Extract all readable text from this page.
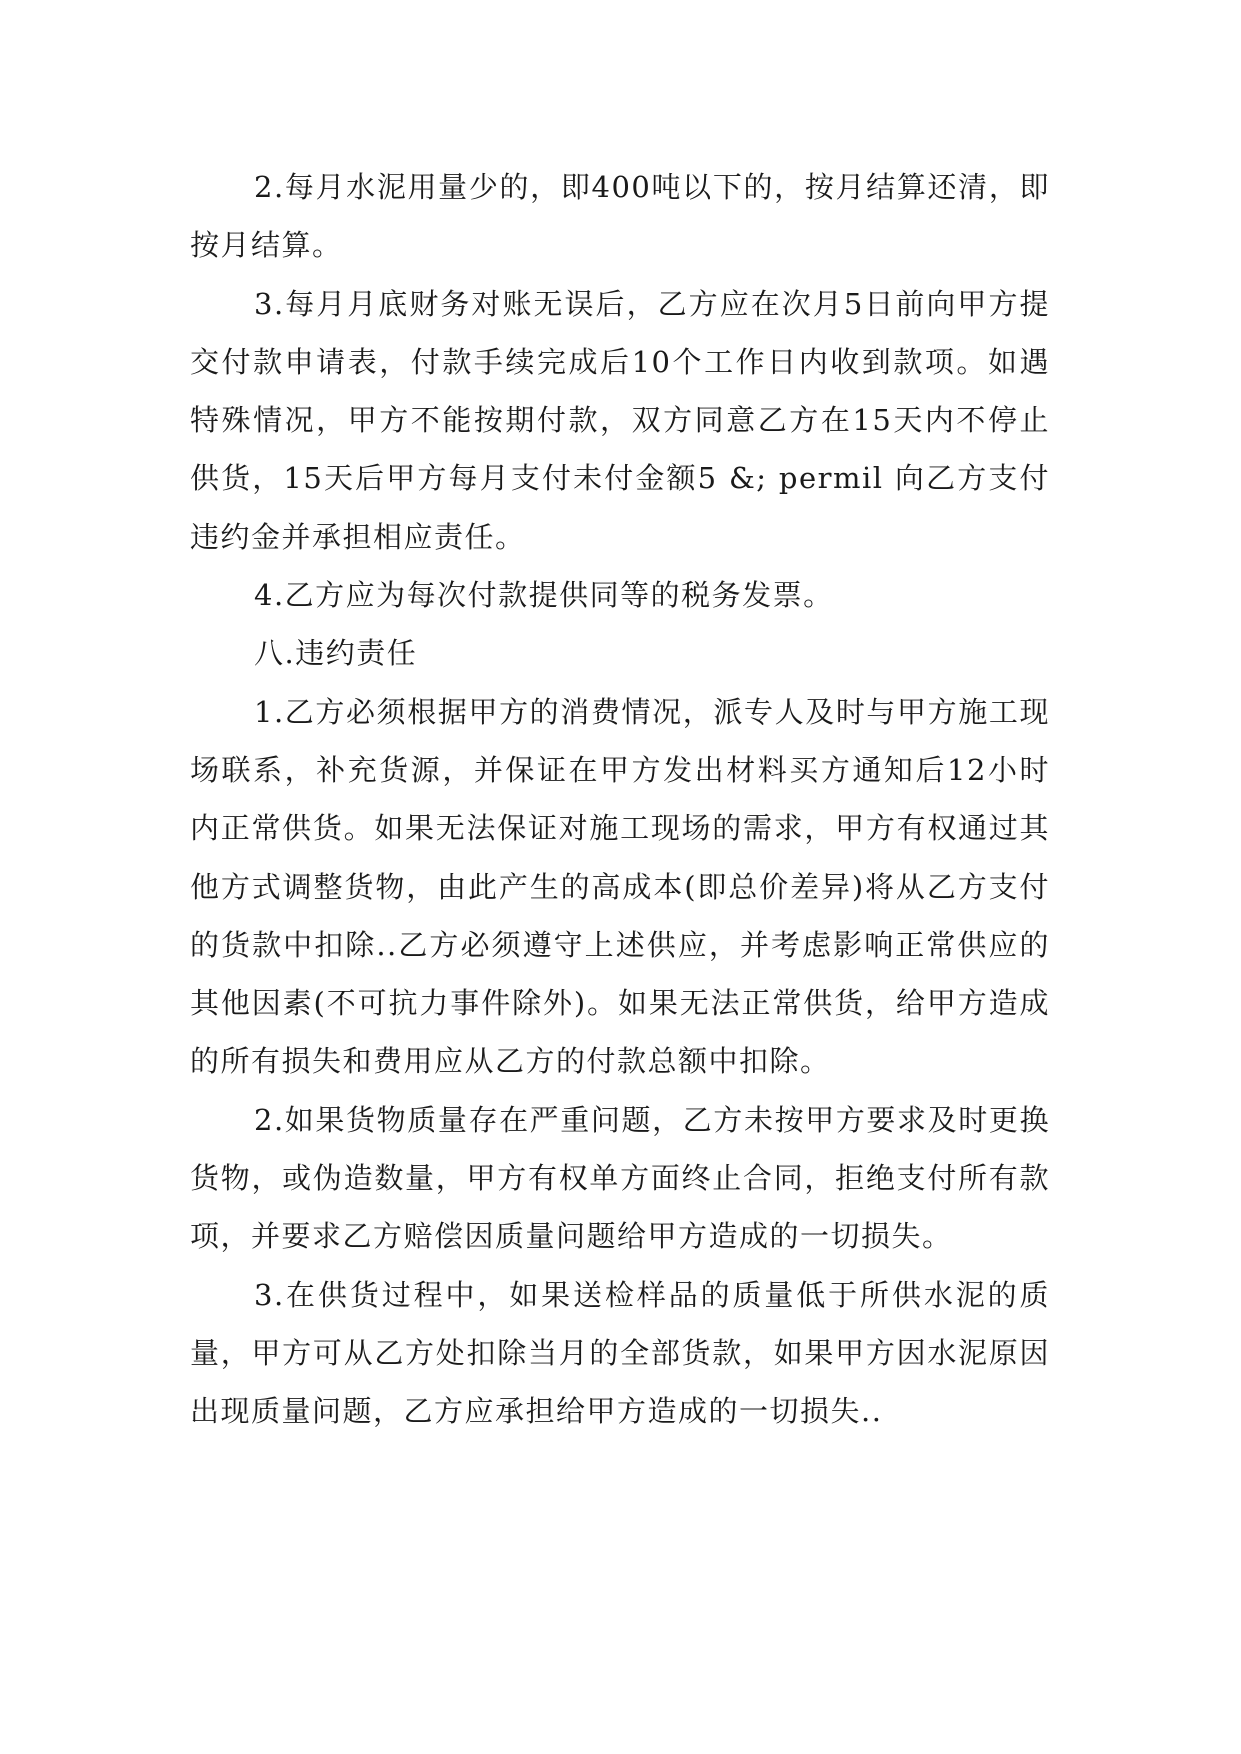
2.每月水泥用量少的，即400吨以下的，按月结算还清，即按月结算。

3.每月月底财务对账无误后，乙方应在次月5日前向甲方提交付款申请表，付款手续完成后10个工作日内收到款项。如遇特殊情况，甲方不能按期付款，双方同意乙方在15天内不停止供货，15天后甲方每月支付未付金额5 &; permil 向乙方支付违约金并承担相应责任。

4.乙方应为每次付款提供同等的税务发票。

八.违约责任

1.乙方必须根据甲方的消费情况，派专人及时与甲方施工现场联系，补充货源，并保证在甲方发出材料买方通知后12小时内正常供货。如果无法保证对施工现场的需求，甲方有权通过其他方式调整货物，由此产生的高成本(即总价差异)将从乙方支付的货款中扣除..乙方必须遵守上述供应，并考虑影响正常供应的其他因素(不可抗力事件除外)。如果无法正常供货，给甲方造成的所有损失和费用应从乙方的付款总额中扣除。

2.如果货物质量存在严重问题，乙方未按甲方要求及时更换货物，或伪造数量，甲方有权单方面终止合同，拒绝支付所有款项，并要求乙方赔偿因质量问题给甲方造成的一切损失。

3.在供货过程中，如果送检样品的质量低于所供水泥的质量，甲方可从乙方处扣除当月的全部货款，如果甲方因水泥原因出现质量问题，乙方应承担给甲方造成的一切损失..
